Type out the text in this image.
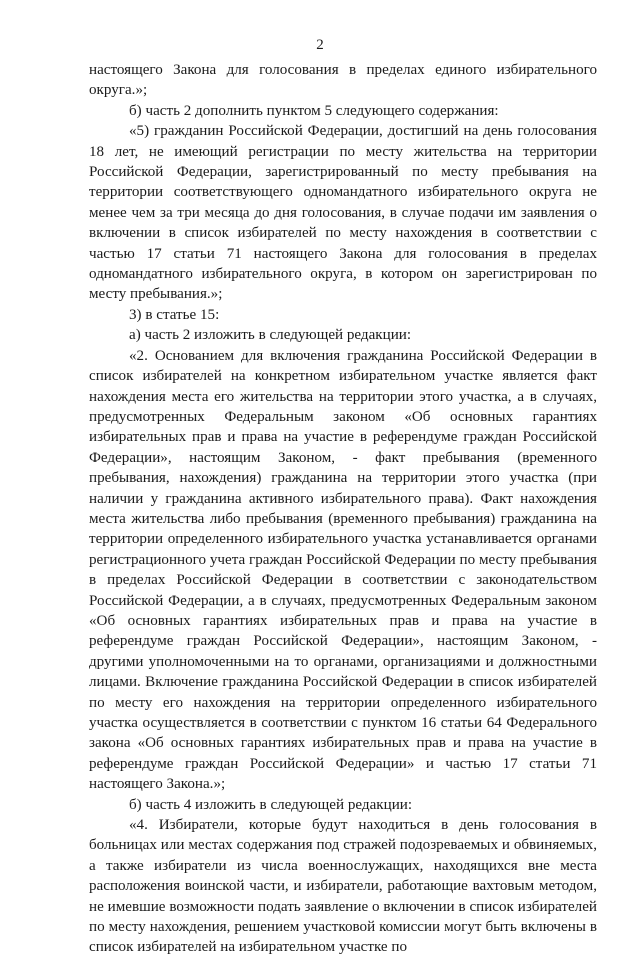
2

настоящего Закона для голосования в пределах единого избирательного округа.»;

б) часть 2 дополнить пунктом 5 следующего содержания:

«5) гражданин Российской Федерации, достигший на день голосования 18 лет, не имеющий регистрации по месту жительства на территории Российской Федерации, зарегистрированный по месту пребывания на территории соответствующего одномандатного избирательного округа не менее чем за три месяца до дня голосования, в случае подачи им заявления о включении в список избирателей по месту нахождения в соответствии с частью 17 статьи 71 настоящего Закона для голосования в пределах одномандатного избирательного округа, в котором он зарегистрирован по месту пребывания.»;

3) в статье 15:

а) часть 2 изложить в следующей редакции:

«2. Основанием для включения гражданина Российской Федерации в список избирателей на конкретном избирательном участке является факт нахождения места его жительства на территории этого участка, а в случаях, предусмотренных Федеральным законом «Об основных гарантиях избирательных прав и права на участие в референдуме граждан Российской Федерации», настоящим Законом, - факт пребывания (временного пребывания, нахождения) гражданина на территории этого участка (при наличии у гражданина активного избирательного права). Факт нахождения места жительства либо пребывания (временного пребывания) гражданина на территории определенного избирательного участка устанавливается органами регистрационного учета граждан Российской Федерации по месту пребывания в пределах Российской Федерации в соответствии с законодательством Российской Федерации, а в случаях, предусмотренных Федеральным законом «Об основных гарантиях избирательных прав и права на участие в референдуме граждан Российской Федерации», настоящим Законом, - другими уполномоченными на то органами, организациями и должностными лицами. Включение гражданина Российской Федерации в список избирателей по месту его нахождения на территории определенного избирательного участка осуществляется в соответствии с пунктом 16 статьи 64 Федерального закона «Об основных гарантиях избирательных прав и права на участие в референдуме граждан Российской Федерации» и частью 17 статьи 71 настоящего Закона.»;

б) часть 4 изложить в следующей редакции:

«4. Избиратели, которые будут находиться в день голосования в больницах или местах содержания под стражей подозреваемых и обвиняемых, а также избиратели из числа военнослужащих, находящихся вне места расположения воинской части, и избиратели, работающие вахтовым методом, не имевшие возможности подать заявление о включении в список избирателей по месту нахождения, решением участковой комиссии могут быть включены в список избирателей на избирательном участке по
